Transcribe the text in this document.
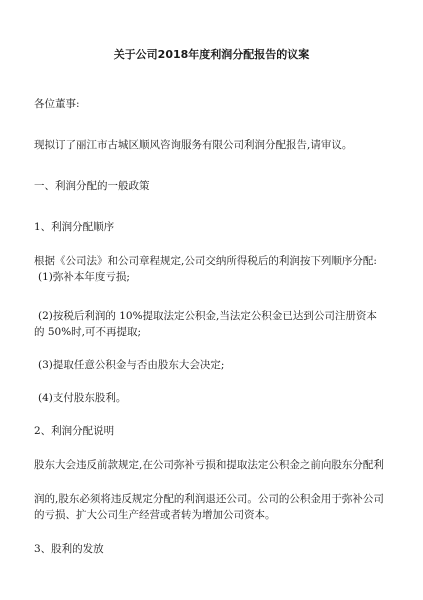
关于公司2018年度利润分配报告的议案
各位董事:
现拟订了丽江市古城区顺风咨询服务有限公司利润分配报告,请审议。
一、利润分配的一般政策
1、利润分配顺序
根据《公司法》和公司章程规定,公司交纳所得税后的利润按下列顺序分配:
(1)弥补本年度亏损;
(2)按税后利润的 10%提取法定公积金,当法定公积金已达到公司注册资本
的 50%时,可不再提取;
(3)提取任意公积金与否由股东大会决定;
(4)支付股东股利。
2、利润分配说明
股东大会违反前款规定,在公司弥补亏损和提取法定公积金之前向股东分配利
润的,股东必须将违反规定分配的利润退还公司。公司的公积金用于弥补公司
的亏损、扩大公司生产经营或者转为增加公司资本。
3、股利的发放
